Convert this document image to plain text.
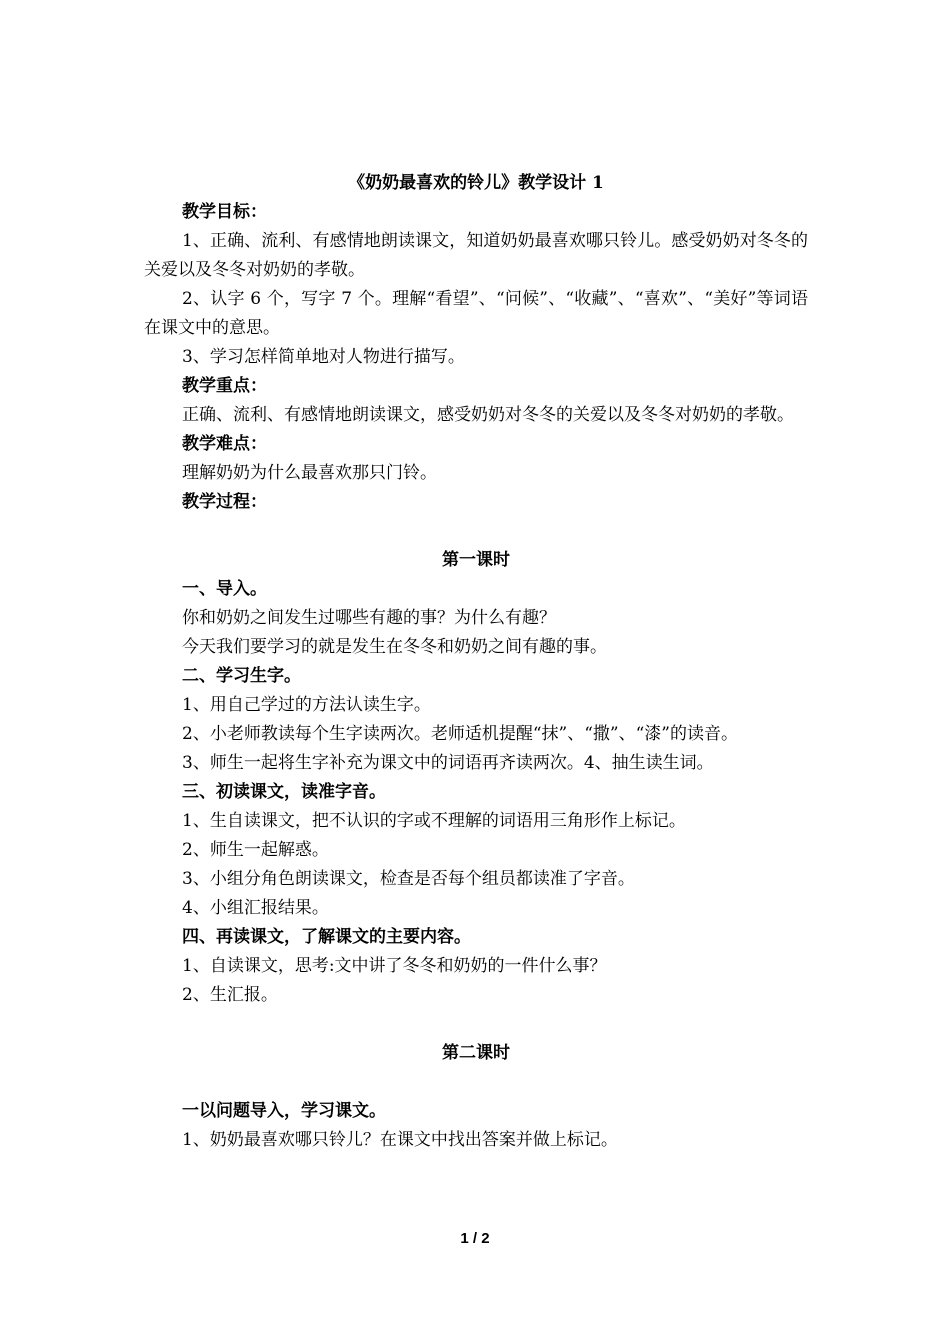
《奶奶最喜欢的铃儿》教学设计 1

教学目标：

1、正确、流利、有感情地朗读课文，知道奶奶最喜欢哪只铃儿。感受奶奶对冬冬的关爱以及冬冬对奶奶的孝敬。

2、认字 6 个，写字 7 个。理解“看望”、“问候”、“收藏”、“喜欢”、“美好”等词语在课文中的意思。

3、学习怎样简单地对人物进行描写。

教学重点：

正确、流利、有感情地朗读课文，感受奶奶对冬冬的关爱以及冬冬对奶奶的孝敬。

教学难点：

理解奶奶为什么最喜欢那只门铃。

教学过程：

第一课时

一、导入。

你和奶奶之间发生过哪些有趣的事？为什么有趣？

今天我们要学习的就是发生在冬冬和奶奶之间有趣的事。

二、学习生字。

1、用自己学过的方法认读生字。

2、小老师教读每个生字读两次。老师适机提醒“抹”、“撒”、“漆”的读音。

3、师生一起将生字补充为课文中的词语再齐读两次。4、抽生读生词。

三、初读课文，读准字音。

1、生自读课文，把不认识的字或不理解的词语用三角形作上标记。

2、师生一起解惑。

3、小组分角色朗读课文，检查是否每个组员都读准了字音。

4、小组汇报结果。

四、再读课文，了解课文的主要内容。

1、自读课文，思考:文中讲了冬冬和奶奶的一件什么事？

2、生汇报。

第二课时

一以问题导入，学习课文。

1、奶奶最喜欢哪只铃儿？在课文中找出答案并做上标记。

1 / 2
